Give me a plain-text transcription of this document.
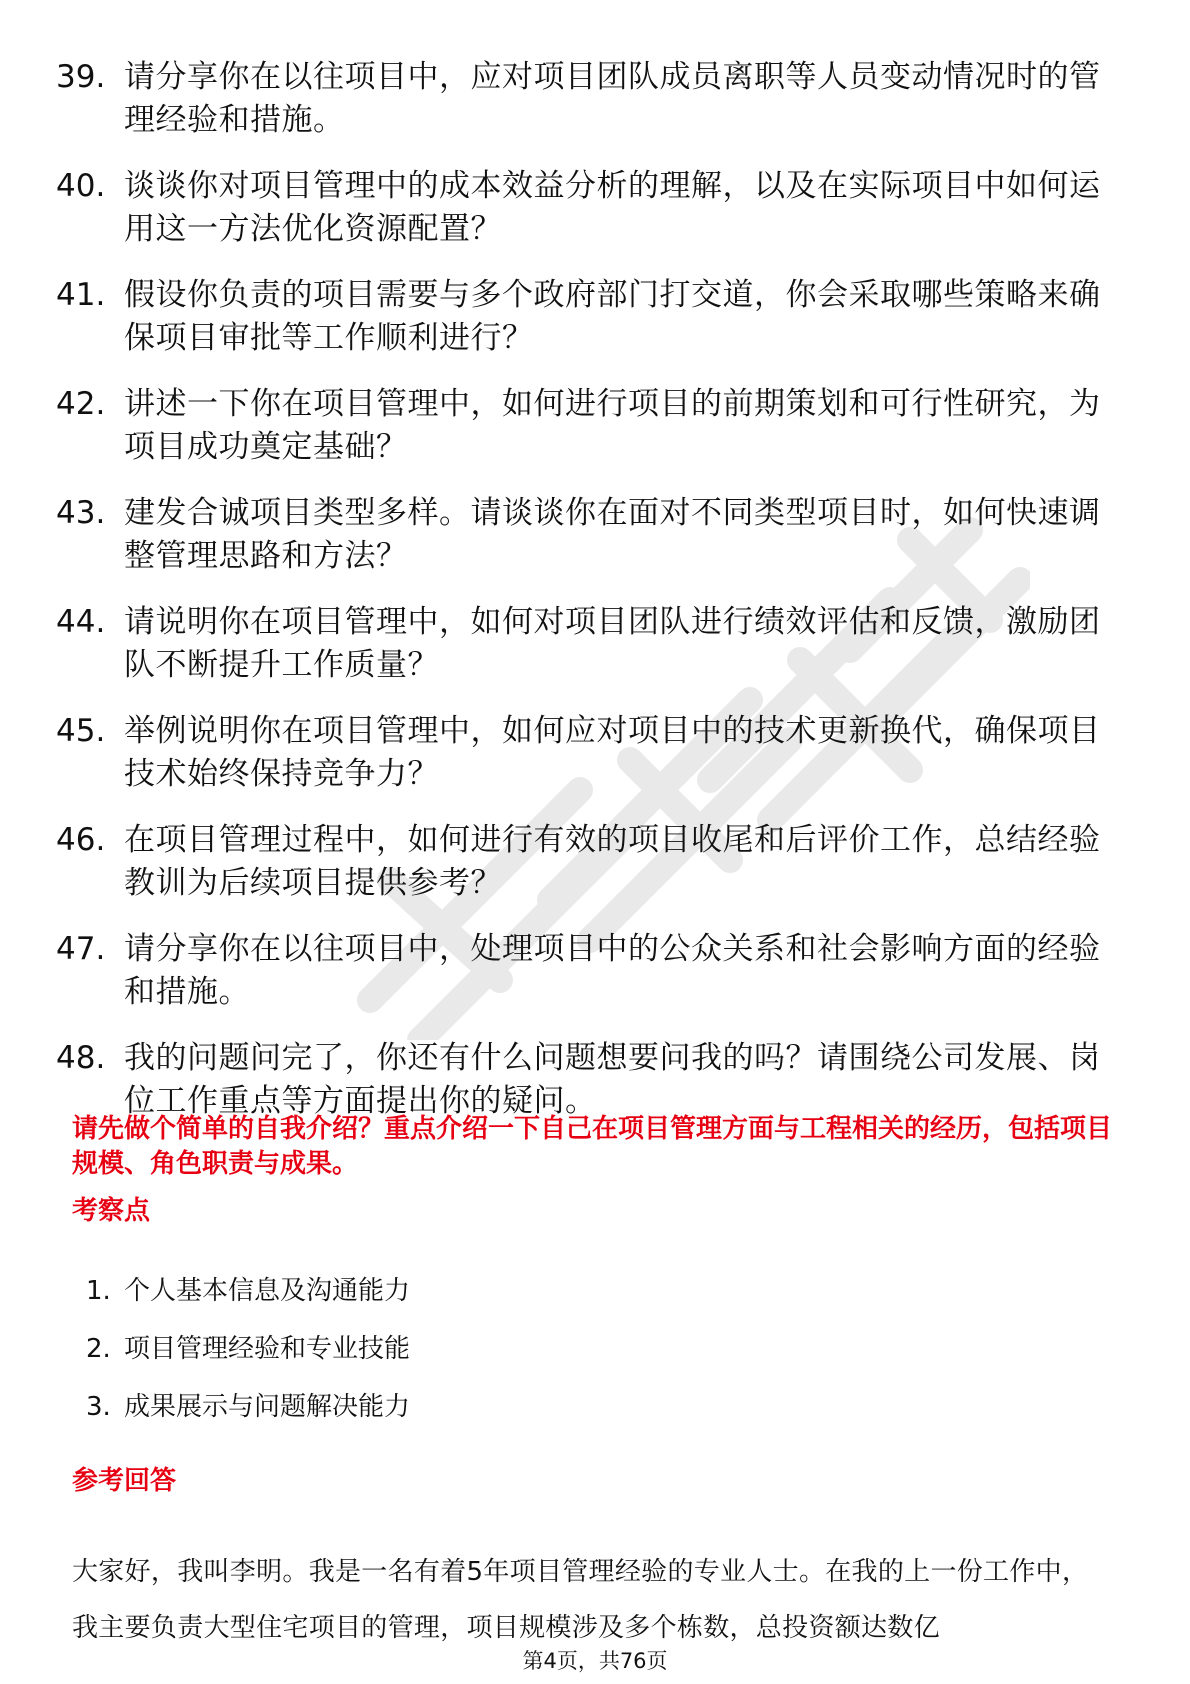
39. 请分享你在以往项目中，应对项目团队成员离职等人员变动情况时的管理经验和措施。
40. 谈谈你对项目管理中的成本效益分析的理解，以及在实际项目中如何运用这一方法优化资源配置？
41. 假设你负责的项目需要与多个政府部门打交道，你会采取哪些策略来确保项目审批等工作顺利进行？
42. 讲述一下你在项目管理中，如何进行项目的前期策划和可行性研究，为项目成功奠定基础？
43. 建发合诚项目类型多样。请谈谈你在面对不同类型项目时，如何快速调整管理思路和方法？
44. 请说明你在项目管理中，如何对项目团队进行绩效评估和反馈，激励团队不断提升工作质量？
45. 举例说明你在项目管理中，如何应对项目中的技术更新换代，确保项目技术始终保持竞争力？
46. 在项目管理过程中，如何进行有效的项目收尾和后评价工作，总结经验教训为后续项目提供参考？
47. 请分享你在以往项目中，处理项目中的公众关系和社会影响方面的经验和措施。
48. 我的问题问完了，你还有什么问题想要问我的吗？请围绕公司发展、岗位工作重点等方面提出你的疑问。
请先做个简单的自我介绍？重点介绍一下自己在项目管理方面与工程相关的经历，包括项目规模、角色职责与成果。
考察点
1. 个人基本信息及沟通能力
2. 项目管理经验和专业技能
3. 成果展示与问题解决能力
参考回答
大家好，我叫李明。我是一名有着5年项目管理经验的专业人士。在我的上一份工作中，我主要负责大型住宅项目的管理，项目规模涉及多个栋数，总投资额达数亿
第4页，共76页
